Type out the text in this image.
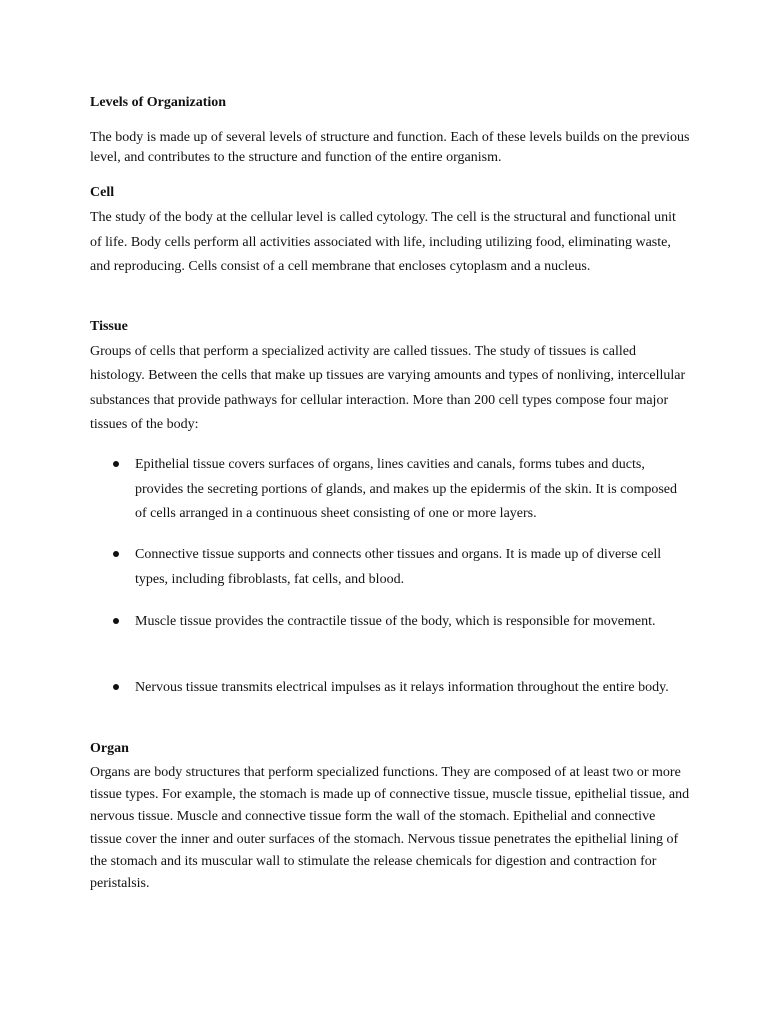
Levels of Organization

The body is made up of several levels of structure and function. Each of these levels builds on the previous level, and contributes to the structure and function of the entire organism.

Cell

The study of the body at the cellular level is called cytology. The cell is the structural and functional unit of life. Body cells perform all activities associated with life, including utilizing food, eliminating waste, and reproducing. Cells consist of a cell membrane that encloses cytoplasm and a nucleus.

Tissue

Groups of cells that perform a specialized activity are called tissues. The study of tissues is called histology. Between the cells that make up tissues are varying amounts and types of nonliving, intercellular substances that provide pathways for cellular interaction. More than 200 cell types compose four major tissues of the body:

Epithelial tissue covers surfaces of organs, lines cavities and canals, forms tubes and ducts, provides the secreting portions of glands, and makes up the epidermis of the skin. It is composed of cells arranged in a continuous sheet consisting of one or more layers.

Connective tissue supports and connects other tissues and organs. It is made up of diverse cell types, including fibroblasts, fat cells, and blood.

Muscle tissue provides the contractile tissue of the body, which is responsible for movement.

Nervous tissue transmits electrical impulses as it relays information throughout the entire body.

Organ

Organs are body structures that perform specialized functions. They are composed of at least two or more tissue types. For example, the stomach is made up of connective tissue, muscle tissue, epithelial tissue, and nervous tissue. Muscle and connective tissue form the wall of the stomach. Epithelial and connective tissue cover the inner and outer surfaces of the stomach. Nervous tissue penetrates the epithelial lining of the stomach and its muscular wall to stimulate the release chemicals for digestion and contraction for peristalsis.
